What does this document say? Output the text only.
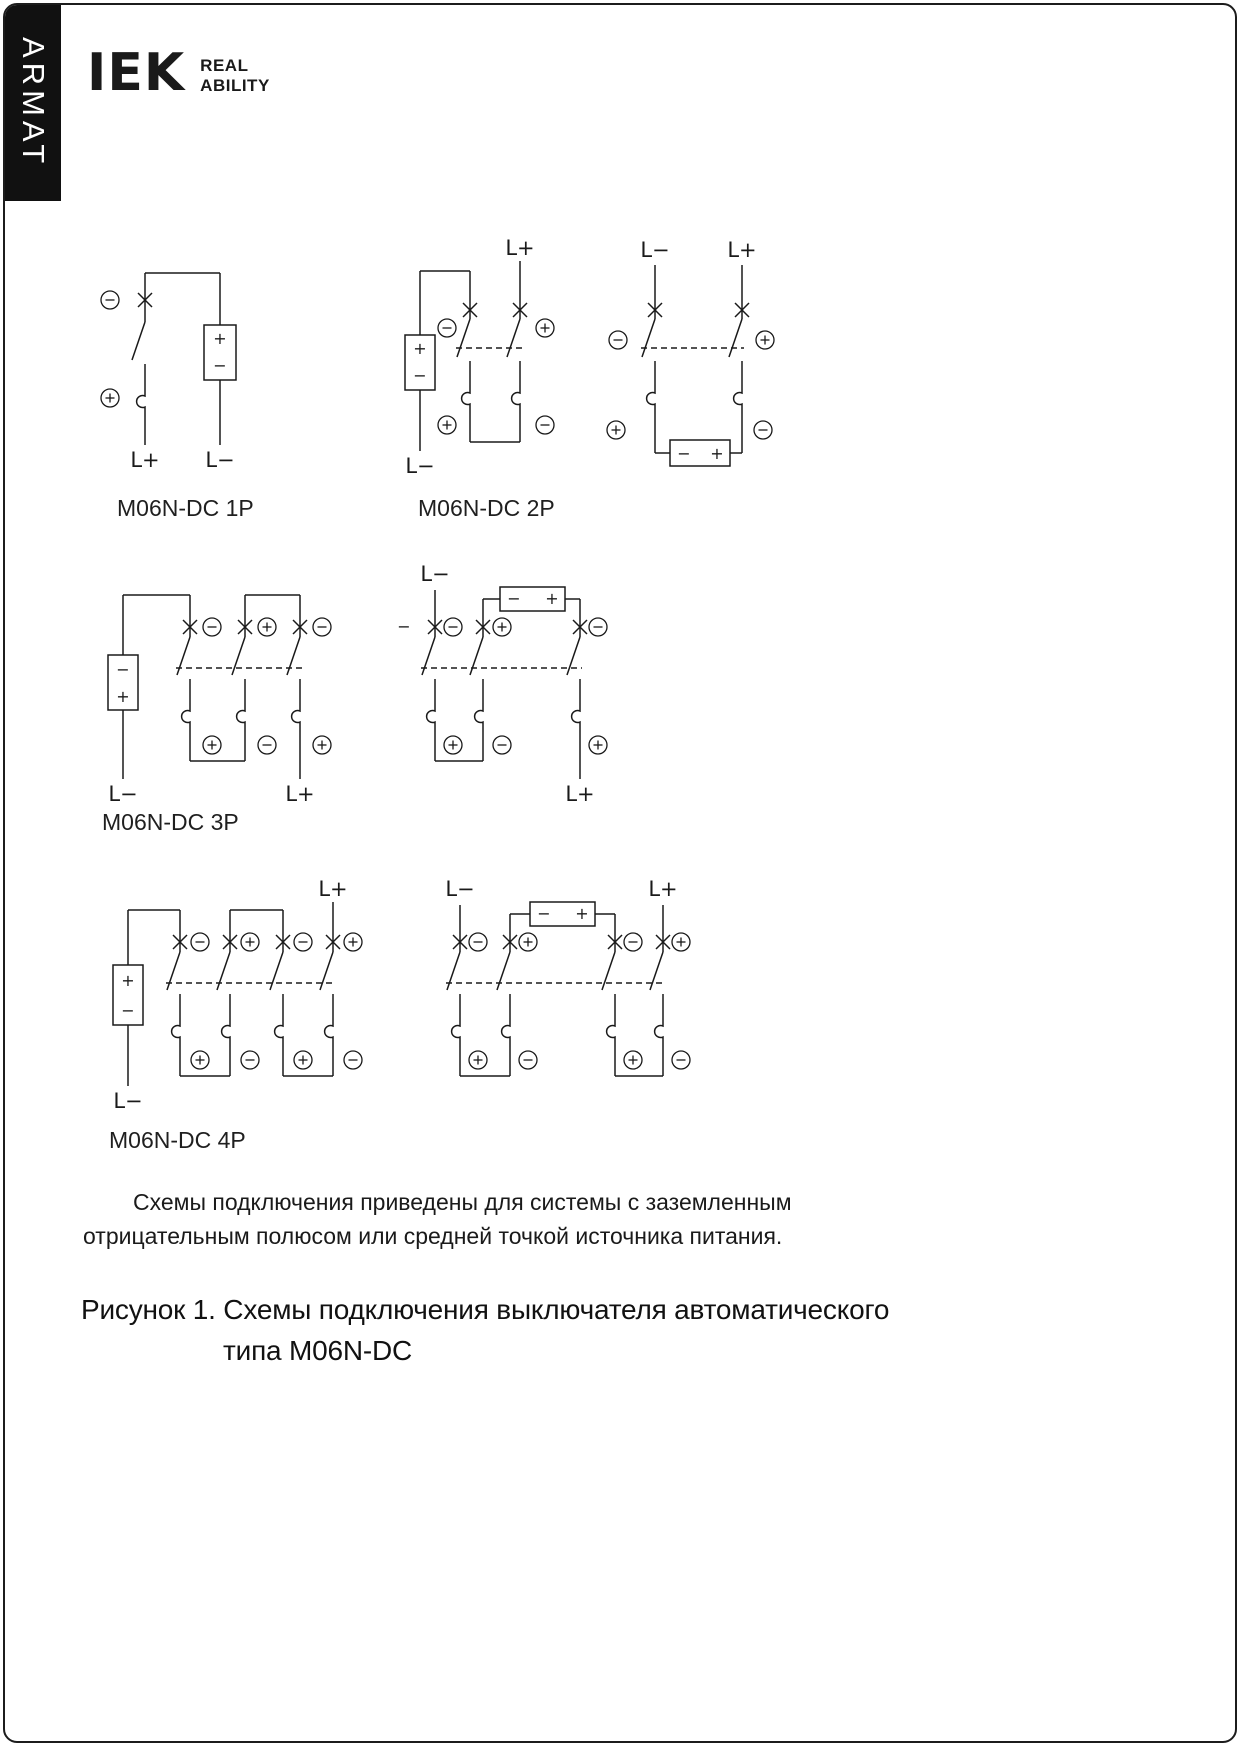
ARMAT IEK REAL
ABILITY
+
−
L+ L−
+
−
L+
L−
− +
L−	L+
−
+
L−	L+
− +
L−
L+
−
+
−
L+
L−
− +
L−	L+
M06N-DC 1P	M06N-DC 2P
M06N-DC 3P
M06N-DC 4P
Схемы подключения приведены для системы с заземленным
отрицательным полюсом или средней точкой источника питания.
Рисунок 1. Схемы подключения выключателя автоматического
типа M06N-DC
